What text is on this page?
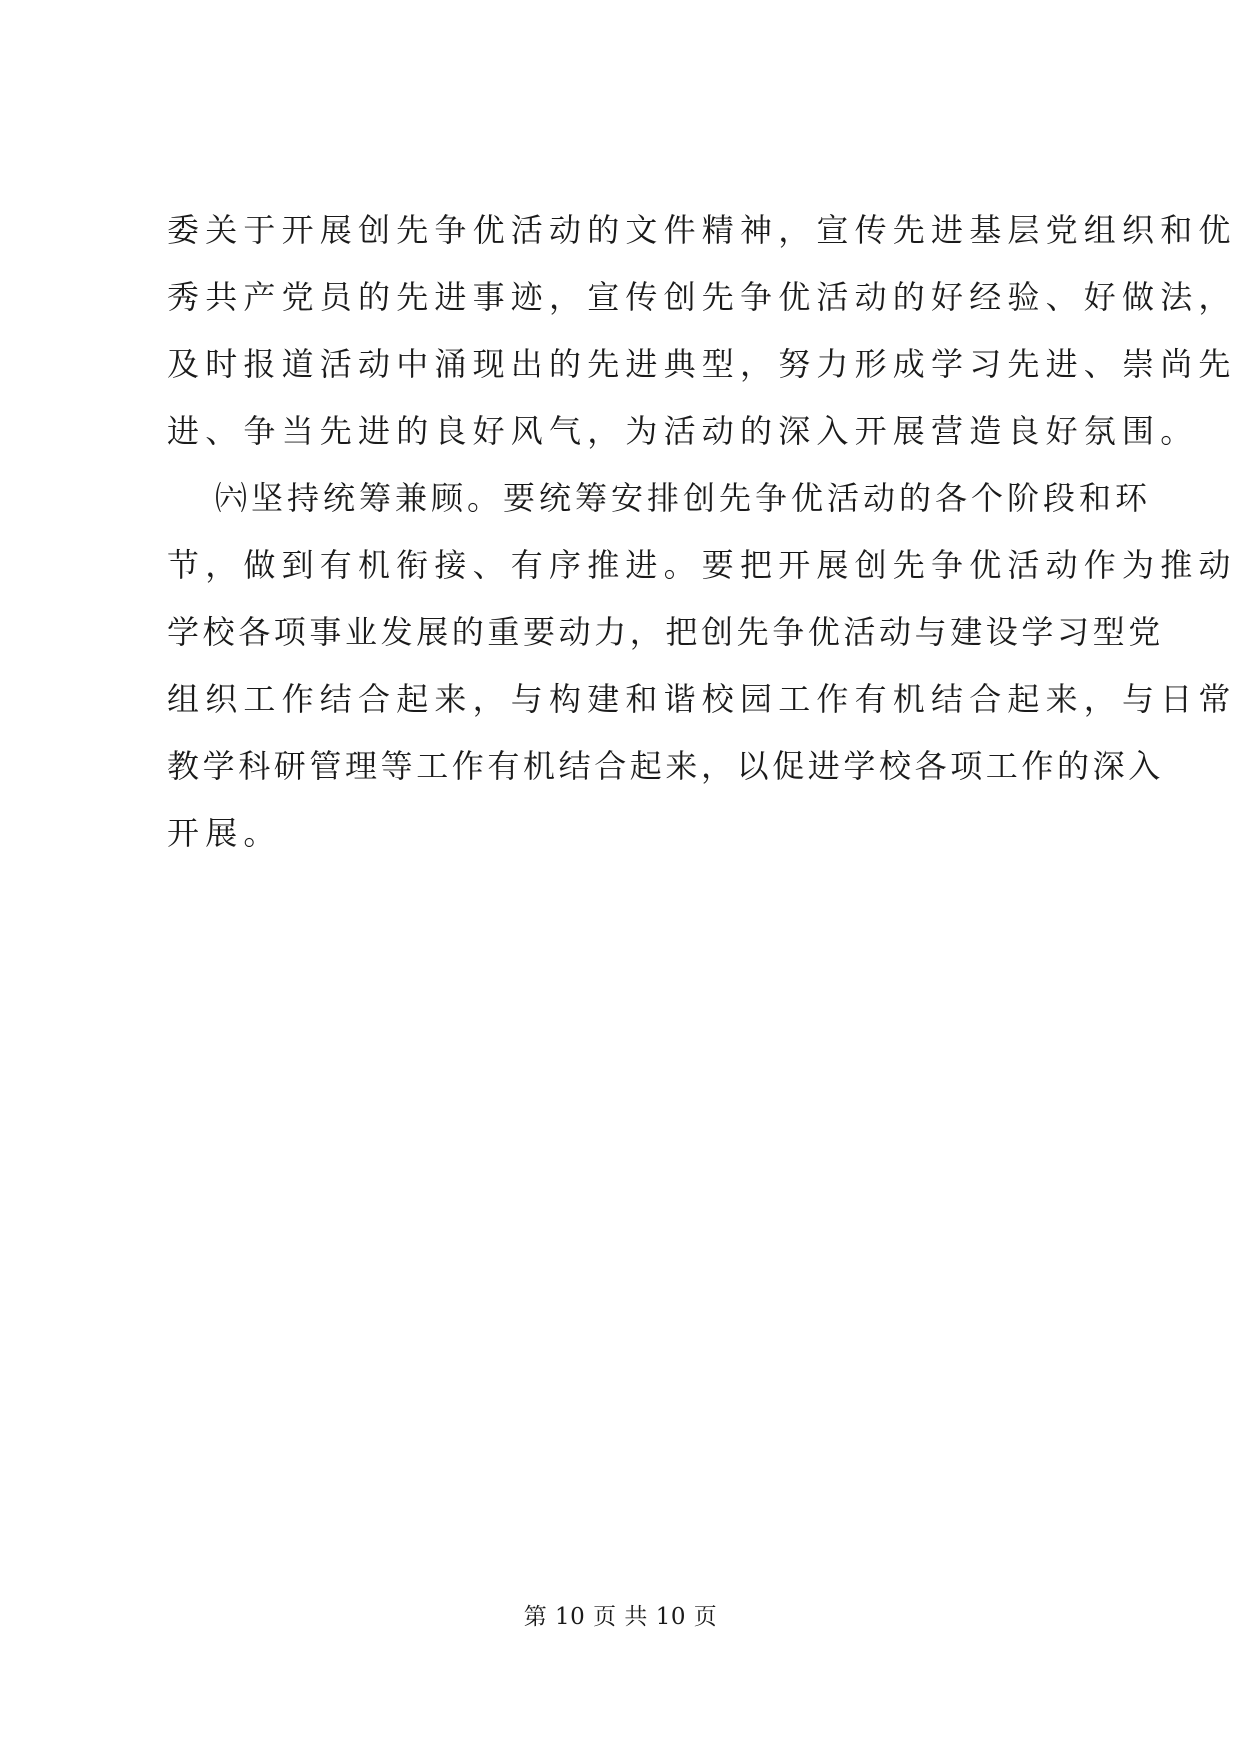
委关于开展创先争优活动的文件精神，宣传先进基层党组织和优
秀共产党员的先进事迹，宣传创先争优活动的好经验、好做法，
及时报道活动中涌现出的先进典型，努力形成学习先进、崇尚先
进、争当先进的良好风气，为活动的深入开展营造良好氛围。
㈥坚持统筹兼顾。要统筹安排创先争优活动的各个阶段和环
节，做到有机衔接、有序推进。要把开展创先争优活动作为推动
学校各项事业发展的重要动力，把创先争优活动与建设学习型党
组织工作结合起来，与构建和谐校园工作有机结合起来，与日常
教学科研管理等工作有机结合起来，以促进学校各项工作的深入
开展。
第 10 页 共 10 页
